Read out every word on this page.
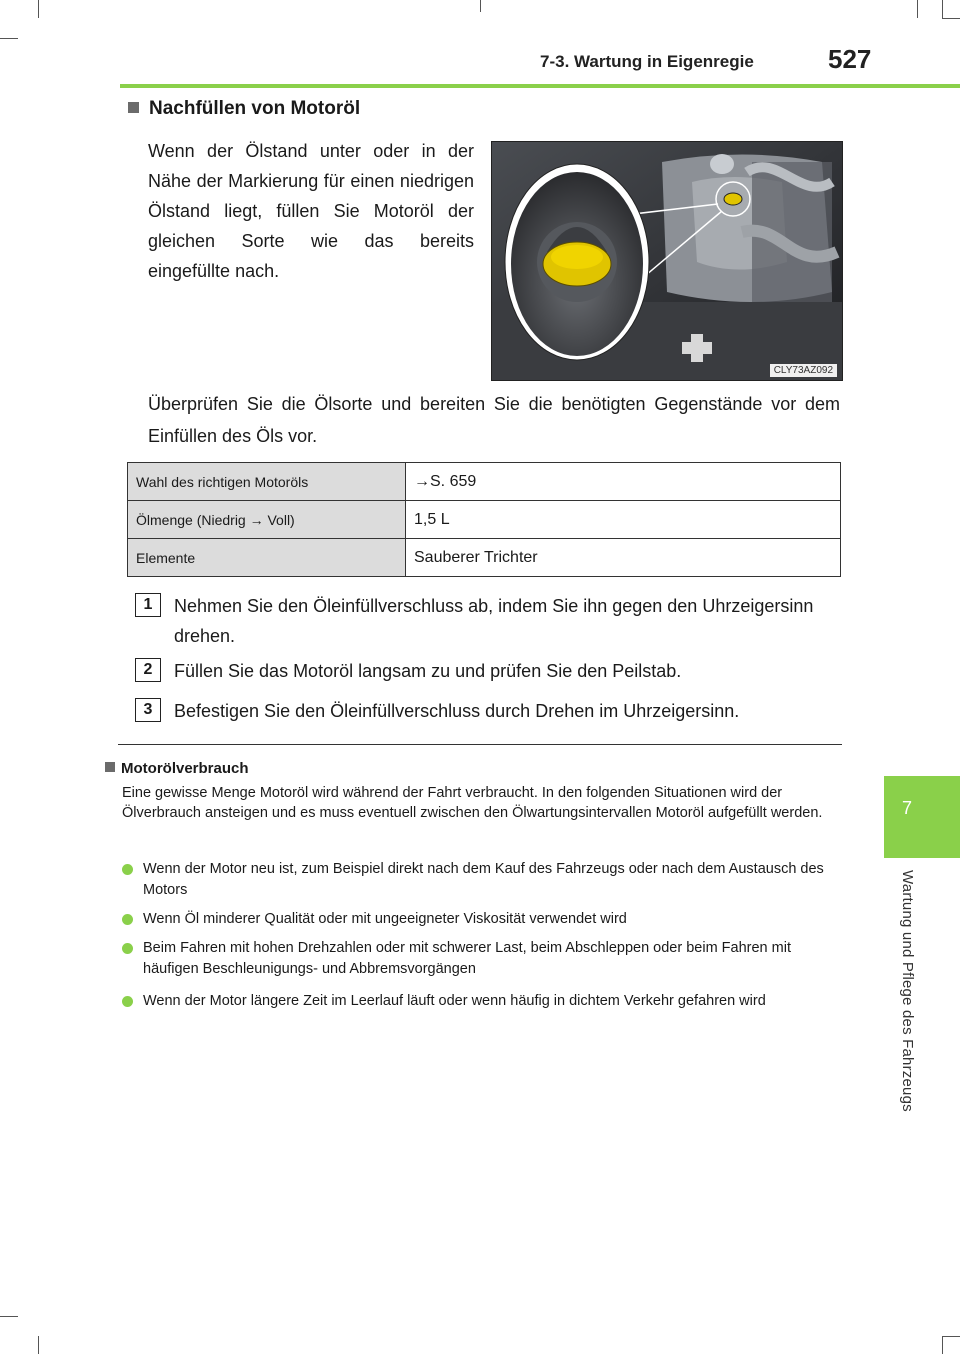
7-3. Wartung in Eigenregie	527
7
Wartung und Pflege des Fahrzeugs
Nachfüllen von Motoröl
Wenn der Ölstand unter oder in der Nähe der Markierung für einen niedrigen Ölstand liegt, füllen Sie Motoröl der gleichen Sorte wie das bereits eingefüllte nach.
CLY73AZ092
Überprüfen Sie die Ölsorte und bereiten Sie die benötigten Gegenstände vor dem Einfüllen des Öls vor.
Wahl des richtigen Motoröls	→S. 659
Ölmenge (Niedrig → Voll)	1,5 L
Elemente	Sauberer Trichter
1	Nehmen Sie den Öleinfüllverschluss ab, indem Sie ihn gegen den Uhrzeigersinn drehen.
2	Füllen Sie das Motoröl langsam zu und prüfen Sie den Peilstab.
3	Befestigen Sie den Öleinfüllverschluss durch Drehen im Uhrzeigersinn.
Motorölverbrauch
Eine gewisse Menge Motoröl wird während der Fahrt verbraucht. In den folgenden Situationen wird der Ölverbrauch ansteigen und es muss eventuell zwischen den Ölwartungsintervallen Motoröl aufgefüllt werden.
Wenn der Motor neu ist, zum Beispiel direkt nach dem Kauf des Fahrzeugs oder nach dem Austausch des Motors
Wenn Öl minderer Qualität oder mit ungeeigneter Viskosität verwendet wird
Beim Fahren mit hohen Drehzahlen oder mit schwerer Last, beim Abschleppen oder beim Fahren mit häufigen Beschleunigungs- und Abbremsvorgängen
Wenn der Motor längere Zeit im Leerlauf läuft oder wenn häufig in dichtem Verkehr gefahren wird
